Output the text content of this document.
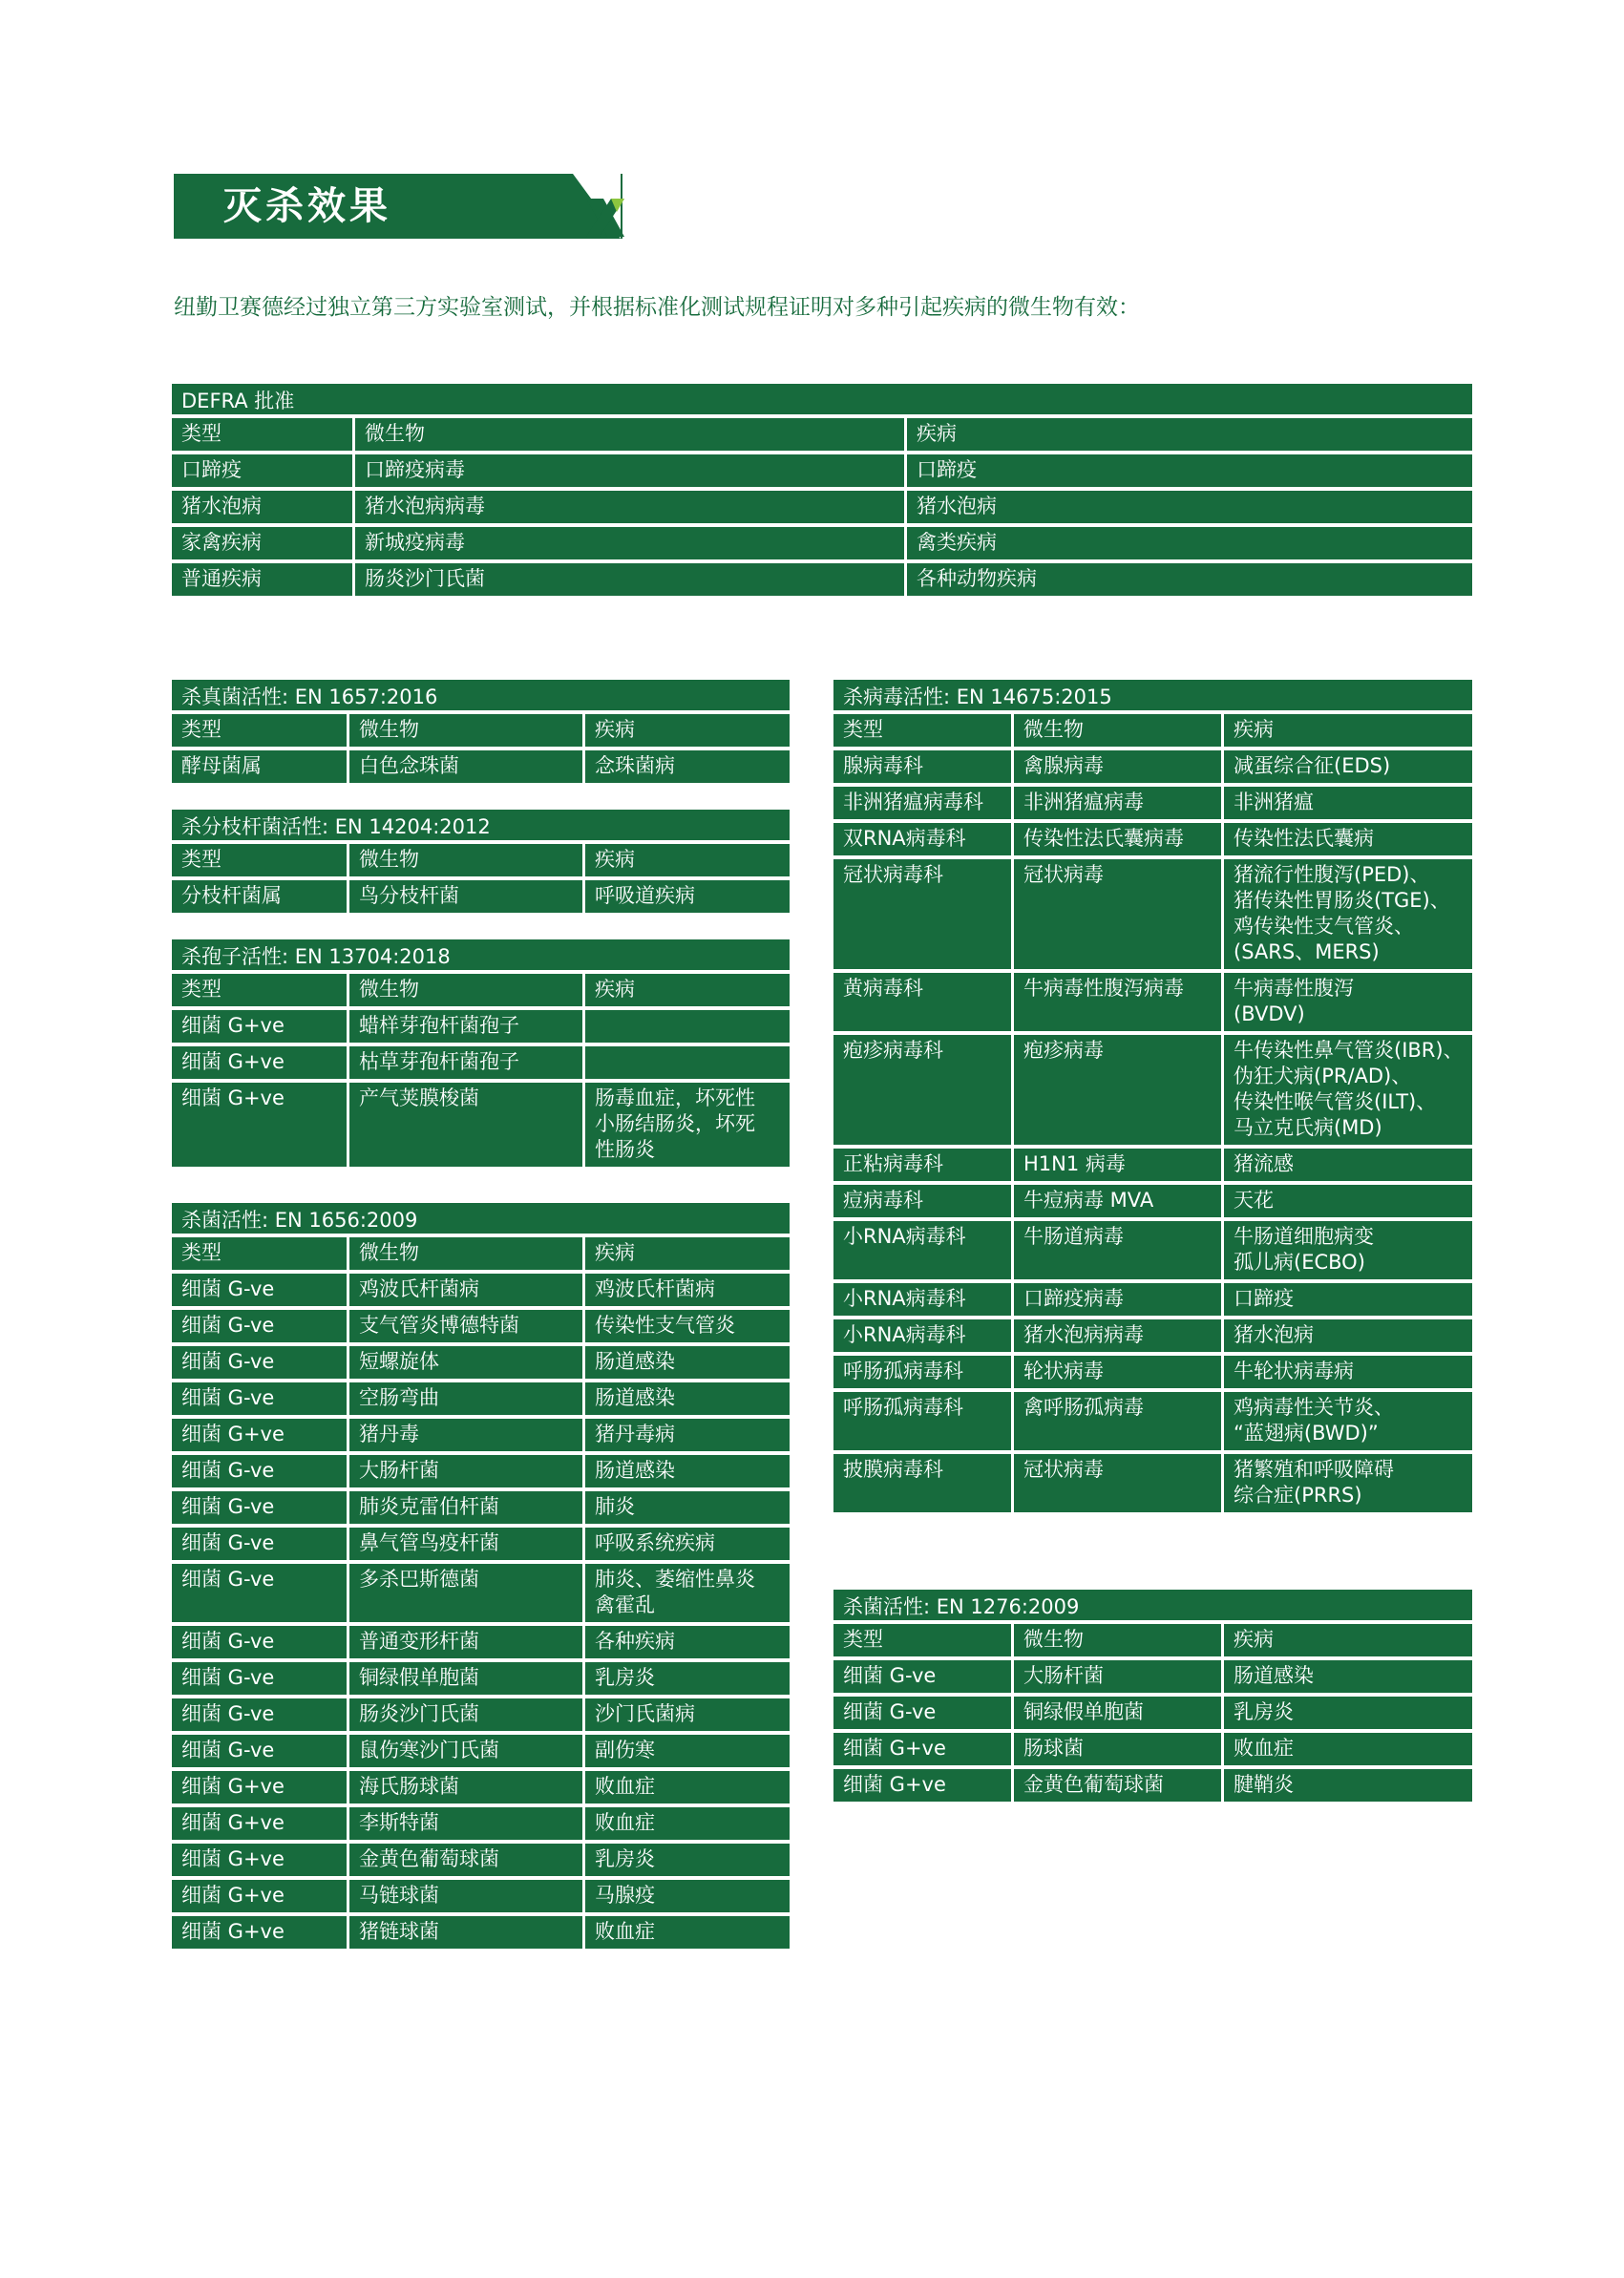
灭杀效果
纽勤卫赛德经过独立第三方实验室测试，并根据标准化测试规程证明对多种引起疾病的微生物有效：
DEFRA 批准
类型	微生物	疾病
口蹄疫	口蹄疫病毒	口蹄疫
猪水泡病	猪水泡病病毒	猪水泡病
家禽疾病	新城疫病毒	禽类疾病
普通疾病	肠炎沙门氏菌	各种动物疾病
杀真菌活性: EN 1657:2016
类型	微生物	疾病
酵母菌属	白色念珠菌	念珠菌病
杀分枝杆菌活性: EN 14204:2012
类型	微生物	疾病
分枝杆菌属	鸟分枝杆菌	呼吸道疾病
杀孢子活性: EN 13704:2018
类型	微生物	疾病
细菌 G+ve	蜡样芽孢杆菌孢子
细菌 G+ve	枯草芽孢杆菌孢子
细菌 G+ve	产气荚膜梭菌	肠毒血症，坏死性
小肠结肠炎，坏死
性肠炎
杀菌活性: EN 1656:2009
类型	微生物	疾病
细菌 G-ve	鸡波氏杆菌病	鸡波氏杆菌病
细菌 G-ve	支气管炎博德特菌	传染性支气管炎
细菌 G-ve	短螺旋体	肠道感染
细菌 G-ve	空肠弯曲	肠道感染
细菌 G+ve	猪丹毒	猪丹毒病
细菌 G-ve	大肠杆菌	肠道感染
细菌 G-ve	肺炎克雷伯杆菌	肺炎
细菌 G-ve	鼻气管鸟疫杆菌	呼吸系统疾病
细菌 G-ve	多杀巴斯德菌	肺炎、萎缩性鼻炎
禽霍乱
细菌 G-ve	普通变形杆菌	各种疾病
细菌 G-ve	铜绿假单胞菌	乳房炎
细菌 G-ve	肠炎沙门氏菌	沙门氏菌病
细菌 G-ve	鼠伤寒沙门氏菌	副伤寒
细菌 G+ve	海氏肠球菌	败血症
细菌 G+ve	李斯特菌	败血症
细菌 G+ve	金黄色葡萄球菌	乳房炎
细菌 G+ve	马链球菌	马腺疫
细菌 G+ve	猪链球菌	败血症
杀病毒活性: EN 14675:2015
类型	微生物	疾病
腺病毒科	禽腺病毒	减蛋综合征(EDS)
非洲猪瘟病毒科	非洲猪瘟病毒	非洲猪瘟
双RNA病毒科	传染性法氏囊病毒	传染性法氏囊病
冠状病毒科	冠状病毒	猪流行性腹泻(PED)、
猪传染性胃肠炎(TGE)、
鸡传染性支气管炎、
(SARS、MERS)
黄病毒科	牛病毒性腹泻病毒	牛病毒性腹泻
(BVDV)
疱疹病毒科	疱疹病毒	牛传染性鼻气管炎(IBR)、
伪狂犬病(PR/AD)、
传染性喉气管炎(ILT)、
马立克氏病(MD)
正粘病毒科	H1N1 病毒	猪流感
痘病毒科	牛痘病毒 MVA	天花
小RNA病毒科	牛肠道病毒	牛肠道细胞病变
孤儿病(ECBO)
小RNA病毒科	口蹄疫病毒	口蹄疫
小RNA病毒科	猪水泡病病毒	猪水泡病
呼肠孤病毒科	轮状病毒	牛轮状病毒病
呼肠孤病毒科	禽呼肠孤病毒	鸡病毒性关节炎、
“蓝翅病(BWD)”
披膜病毒科	冠状病毒	猪繁殖和呼吸障碍
综合症(PRRS)
杀菌活性: EN 1276:2009
类型	微生物	疾病
细菌 G-ve	大肠杆菌	肠道感染
细菌 G-ve	铜绿假单胞菌	乳房炎
细菌 G+ve	肠球菌	败血症
细菌 G+ve	金黄色葡萄球菌	腱鞘炎
